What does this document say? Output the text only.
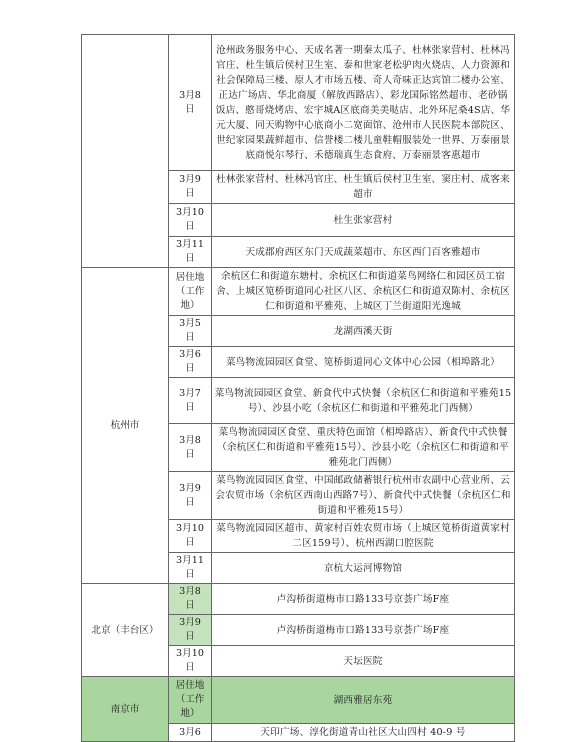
	3月8日	沧州政务服务中心、天成名著一期秦太瓜子、杜林张家营村、杜林冯官庄、杜生镇后侯村卫生室、泰和世家老松驴肉火烧店、人力资源和社会保障局三楼、原人才市场五楼、奇人奇味正达宾馆二楼办公室、正达广场店、华北商厦（解放西路店）、彩龙国际铭然超市、老砂锅饭店、憨哥烧烤店、宏宇城A区底商美美哒店、北外环尼桑4S店、华元大厦、同天购物中心底商小二宽面馆、沧州市人民医院本部院区、世纪家园果蔬鲜超市、信誉楼二楼儿童鞋帽服装处一世界、万泰丽景底商悦尔琴行、禾德瑞真生态食府、万泰丽景客惠超市
	3月9日	杜林张家营村、杜林冯官庄、杜生镇后侯村卫生室、窦庄村、成客来超市
	3月10日	杜生张家营村
	3月11日	天成郡府西区东门天成蔬菜超市、东区西门百客雅超市
杭州市	居住地（工作地）	余杭区仁和街道东塘村、余杭区仁和街道菜鸟网络仁和园区员工宿舍、上城区笕桥街道同心社区八区、余杭区仁和街道双陈村、余杭区仁和街道和平雅苑、上城区丁兰街道阳光逸城
	3月5日	龙湖西溪天街
	3月6日	菜鸟物流园园区食堂、笕桥街道同心文体中心公园（相埠路北）
	3月7日	菜鸟物流园园区食堂、新食代中式快餐（余杭区仁和街道和平雅苑15号）、沙县小吃（余杭区仁和街道和平雅苑北门西侧）
	3月8日	菜鸟物流园园区食堂、重庆特色面馆（相埠路店）、新食代中式快餐（余杭区仁和街道和平雅苑15号）、沙县小吃（余杭区仁和街道和平雅苑北门西侧）
	3月9日	菜鸟物流园园区食堂、中国邮政储蓄银行杭州市农副中心营业所、云会农贸市场（余杭区西南山西路7号）、新食代中式快餐（余杭区仁和街道和平雅苑15号）
	3月10日	菜鸟物流园园区超市、黄家村百姓农贸市场（上城区笕桥街道黄家村二区159号）、杭州西湖口腔医院
	3月11日	京杭大运河博物馆
北京（丰台区）	3月8日	卢沟桥街道梅市口路133号京荟广场F座
	3月9日	卢沟桥街道梅市口路133号京荟广场F座
	3月10日	天坛医院
南京市	居住地（工作地）	湖西雅居东苑
	3月6	天印广场、淳化街道青山社区大山四村 40-9 号
